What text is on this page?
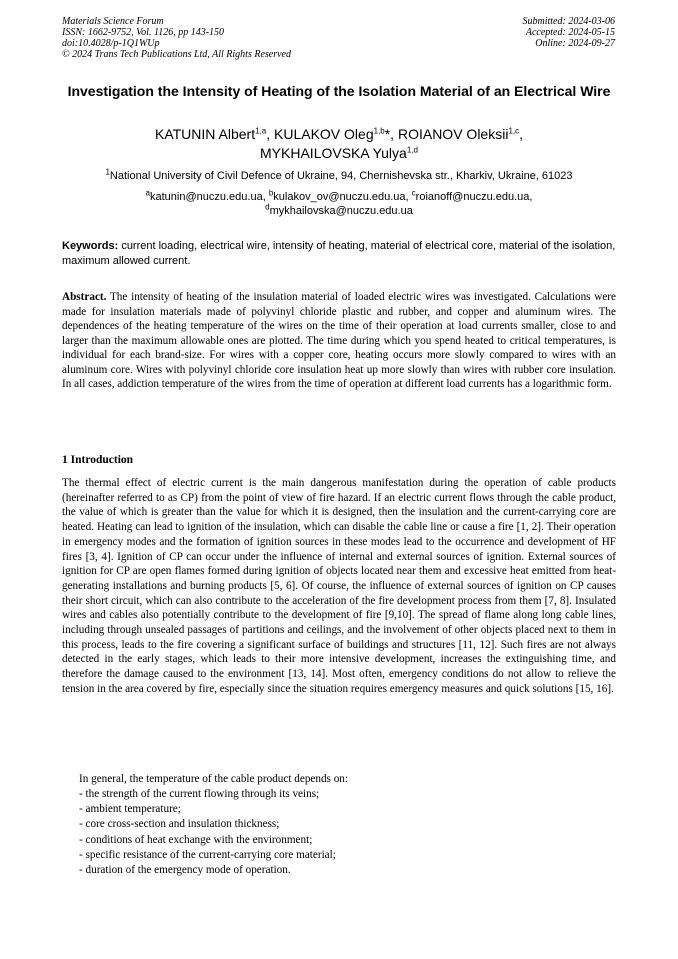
Materials Science Forum
ISSN: 1662-9752, Vol. 1126, pp 143-150
doi:10.4028/p-1Q1WUp
© 2024 Trans Tech Publications Ltd, All Rights Reserved
Submitted: 2024-03-06
Accepted: 2024-05-15
Online: 2024-09-27
Investigation the Intensity of Heating of the Isolation Material of an Electrical Wire
KATUNIN Albert$^{1,a}$, KULAKOV Oleg$^{1,b}$*, ROIANOV Oleksii$^{1,c}$,
MYKHAILOVSKA Yulya$^{1,d}$
$^1$National University of Civil Defence of Ukraine, 94, Chernishevska str., Kharkiv, Ukraine, 61023
$^a$katunin@nuczu.edu.ua, $^b$kulakov_ov@nuczu.edu.ua, $^c$roianoff@nuczu.edu.ua,
$^d$mykhailovska@nuczu.edu.ua

Keywords: current loading, electrical wire, intensity of heating, material of electrical core, material of the isolation, maximum allowed current.

Abstract. The intensity of heating of the insulation material of loaded electric wires was investigated. Calculations were made for insulation materials made of polyvinyl chloride plastic and rubber, and copper and aluminum wires. The dependences of the heating temperature of the wires on the time of their operation at load currents smaller, close to and larger than the maximum allowable ones are plotted. The time during which you spend heated to critical temperatures, is individual for each brand-size. For wires with a copper core, heating occurs more slowly compared to wires with an aluminum core. Wires with polyvinyl chloride core insulation heat up more slowly than wires with rubber core insulation. In all cases, addiction temperature of the wires from the time of operation at different load currents has a logarithmic form.

1 Introduction

The thermal effect of electric current is the main dangerous manifestation during the operation of cable products (hereinafter referred to as CP) from the point of view of fire hazard. If an electric current flows through the cable product, the value of which is greater than the value for which it is designed, then the insulation and the current-carrying core are heated. Heating can lead to ignition of the insulation, which can disable the cable line or cause a fire [1, 2]. Their operation in emergency modes and the formation of ignition sources in these modes lead to the occurrence and development of HF fires [3, 4]. Ignition of CP can occur under the influence of internal and external sources of ignition. External sources of ignition for CP are open flames formed during ignition of objects located near them and excessive heat emitted from heat-generating installations and burning products [5, 6]. Of course, the influence of external sources of ignition on CP causes their short circuit, which can also contribute to the acceleration of the fire development process from them [7, 8]. Insulated wires and cables also potentially contribute to the development of fire [9,10]. The spread of flame along long cable lines, including through unsealed passages of partitions and ceilings, and the involvement of other objects placed next to them in this process, leads to the fire covering a significant surface of buildings and structures [11, 12]. Such fires are not always detected in the early stages, which leads to their more intensive development, increases the extinguishing time, and therefore the damage caused to the environment [13, 14]. Most often, emergency conditions do not allow to relieve the tension in the area covered by fire, especially since the situation requires emergency measures and quick solutions [15, 16].

In general, the temperature of the cable product depends on:

- the strength of the current flowing through its veins;
- ambient temperature;
- core cross-section and insulation thickness;
- conditions of heat exchange with the environment;
- specific resistance of the current-carrying core material;
- duration of the emergency mode of operation.
